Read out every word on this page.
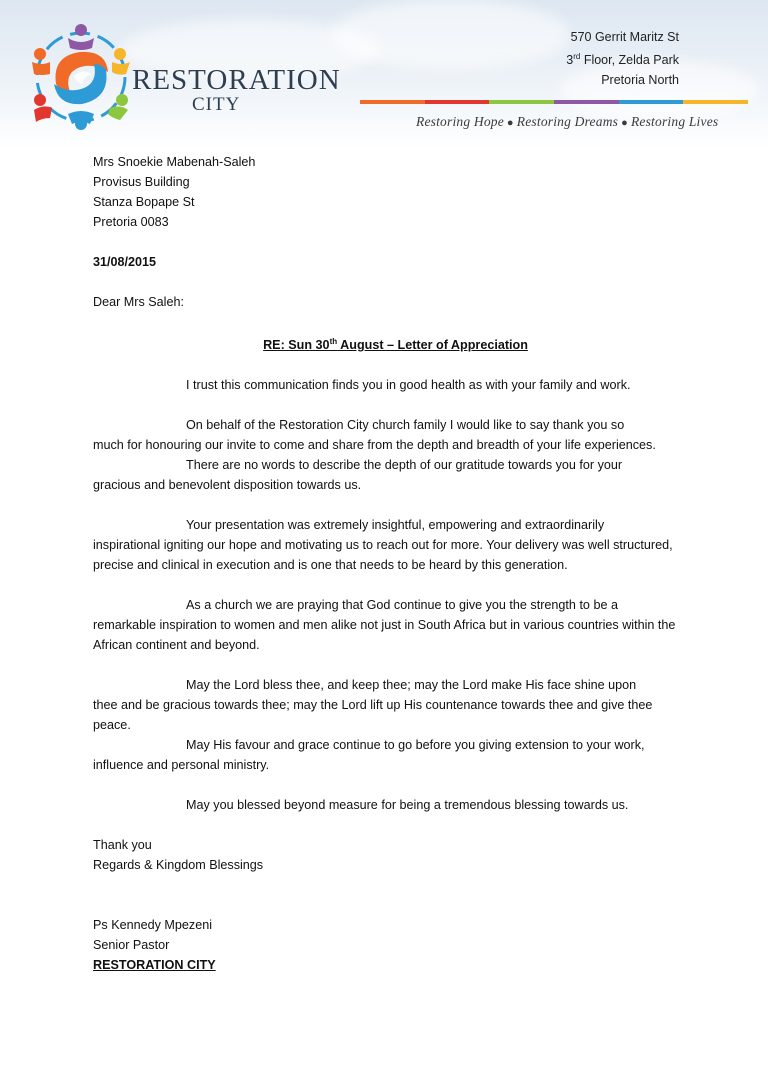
RESTORATION
CITY
570 Gerrit Maritz St
3rd Floor, Zelda Park
Pretoria North
Restoring Hope ● Restoring Dreams ● Restoring Lives
Mrs Snoekie Mabenah-Saleh
Provisus Building
Stanza Bopape St
Pretoria 0083
31/08/2015
Dear Mrs Saleh:
RE: Sun 30th August – Letter of Appreciation
I trust this communication finds you in good health as with your family and work.
On behalf of the Restoration City church family I would like to say thank you so
much for honouring our invite to come and share from the depth and breadth of your life experiences.
There are no words to describe the depth of our gratitude towards you for your
gracious and benevolent disposition towards us.
Your presentation was extremely insightful, empowering and extraordinarily
inspirational igniting our hope and motivating us to reach out for more. Your delivery was well structured, precise and clinical in execution and is one that needs to be heard by this generation.
As a church we are praying that God continue to give you the strength to be a
remarkable inspiration to women and men alike not just in South Africa but in various countries within the African continent and beyond.
May the Lord bless thee, and keep thee; may the Lord make His face shine upon
thee and be gracious towards thee; may the Lord lift up His countenance towards thee and give thee peace.
May His favour and grace continue to go before you giving extension to your work,
influence and personal ministry.
May you blessed beyond measure for being a tremendous blessing towards us.
Thank you
Regards & Kingdom Blessings
Ps Kennedy Mpezeni
Senior Pastor
RESTORATION CITY
